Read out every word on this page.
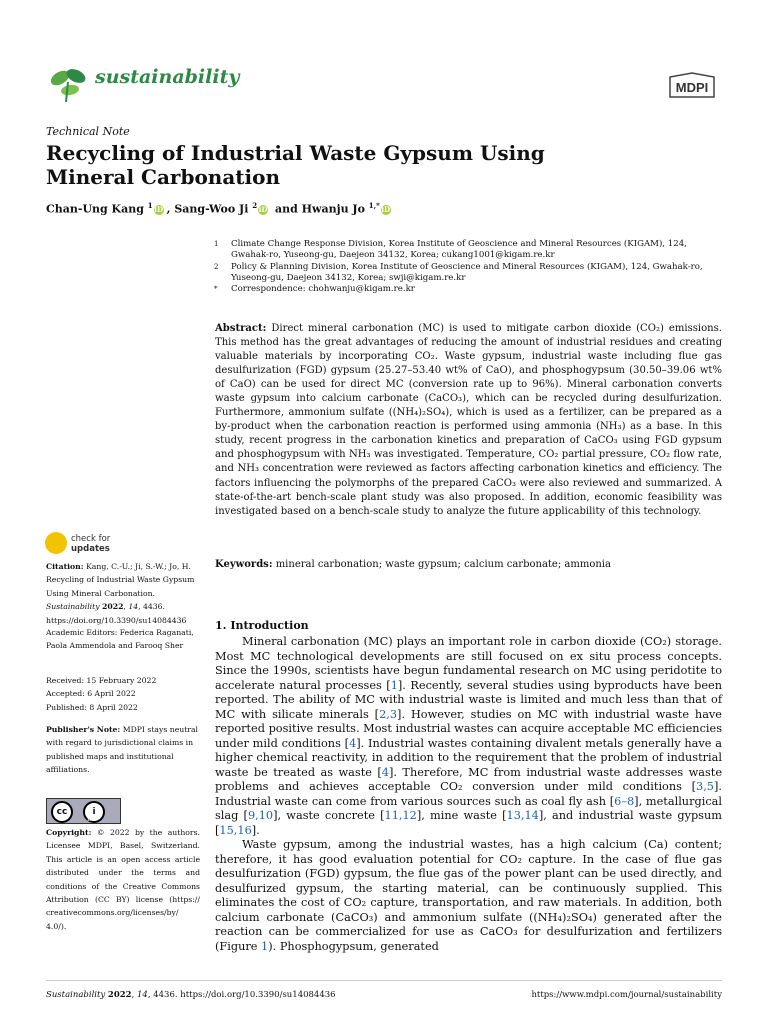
sustainability	MDPI
Technical Note
Recycling of Industrial Waste Gypsum Using Mineral Carbonation
Chan-Ung Kang $^1$ iD , Sang-Woo Ji $^2$ iD and Hwanju Jo $^{1,*}$ iD
1	Climate Change Response Division, Korea Institute of Geoscience and Mineral Resources (KIGAM), 124, Gwahak-ro, Yuseong-gu, Daejeon 34132, Korea; cukang1001@kigam.re.kr
2	Policy & Planning Division, Korea Institute of Geoscience and Mineral Resources (KIGAM), 124, Gwahak-ro, Yuseong-gu, Daejeon 34132, Korea; swji@kigam.re.kr
*	Correspondence: chohwanju@kigam.re.kr
Abstract: Direct mineral carbonation (MC) is used to mitigate carbon dioxide (CO₂) emissions. This method has the great advantages of reducing the amount of industrial residues and creating valuable materials by incorporating CO₂. Waste gypsum, industrial waste including flue gas desulfurization (FGD) gypsum (25.27–53.40 wt% of CaO), and phosphogypsum (30.50–39.06 wt% of CaO) can be used for direct MC (conversion rate up to 96%). Mineral carbonation converts waste gypsum into calcium carbonate (CaCO₃), which can be recycled during desulfurization. Furthermore, ammonium sulfate ((NH₄)₂SO₄), which is used as a fertilizer, can be prepared as a by-product when the carbonation reaction is performed using ammonia (NH₃) as a base. In this study, recent progress in the carbonation kinetics and preparation of CaCO₃ using FGD gypsum and phosphogypsum with NH₃ was investigated. Temperature, CO₂ partial pressure, CO₂ flow rate, and NH₃ concentration were reviewed as factors affecting carbonation kinetics and efficiency. The factors influencing the polymorphs of the prepared CaCO₃ were also reviewed and summarized. A state-of-the-art bench-scale plant study was also proposed. In addition, economic feasibility was investigated based on a bench-scale study to analyze the future applicability of this technology.
Keywords: mineral carbonation; waste gypsum; calcium carbonate; ammonia
1. Introduction

Mineral carbonation (MC) plays an important role in carbon dioxide (CO₂) storage. Most MC technological developments are still focused on ex situ process concepts. Since the 1990s, scientists have begun fundamental research on MC using peridotite to accelerate natural processes [1]. Recently, several studies using byproducts have been reported. The ability of MC with industrial waste is limited and much less than that of MC with silicate minerals [2,3]. However, studies on MC with industrial waste have reported positive results. Most industrial wastes can acquire acceptable MC efficiencies under mild conditions [4]. Industrial wastes containing divalent metals generally have a higher chemical reactivity, in addition to the requirement that the problem of industrial waste be treated as waste [4]. Therefore, MC from industrial waste addresses waste problems and achieves acceptable CO₂ conversion under mild conditions [3,5]. Industrial waste can come from various sources such as coal fly ash [6–8], metallurgical slag [9,10], waste concrete [11,12], mine waste [13,14], and industrial waste gypsum [15,16].

Waste gypsum, among the industrial wastes, has a high calcium (Ca) content; therefore, it has good evaluation potential for CO₂ capture. In the case of flue gas desulfurization (FGD) gypsum, the flue gas of the power plant can be used directly, and desulfurized gypsum, the starting material, can be continuously supplied. This eliminates the cost of CO₂ capture, transportation, and raw materials. In addition, both calcium carbonate (CaCO₃) and ammonium sulfate ((NH₄)₂SO₄) generated after the reaction can be commercialized for use as CaCO₃ for desulfurization and fertilizers (Figure 1). Phosphogypsum, generated

check for
updates
Citation: Kang, C.-U.; Ji, S.-W.; Jo, H. Recycling of Industrial Waste Gypsum Using Mineral Carbonation. Sustainability 2022, 14, 4436. https://doi.org/10.3390/su14084436
Academic Editors: Federica Raganati, Paola Ammendola and Farooq Sher
Received: 15 February 2022
Accepted: 6 April 2022
Published: 8 April 2022
Publisher's Note: MDPI stays neutral with regard to jurisdictional claims in published maps and institutional affiliations.
cc	i
BY
Copyright: © 2022 by the authors. Licensee MDPI, Basel, Switzerland. This article is an open access article distributed under the terms and conditions of the Creative Commons Attribution (CC BY) license (https:// creativecommons.org/licenses/by/ 4.0/).
Sustainability 2022, 14, 4436. https://doi.org/10.3390/su14084436	https://www.mdpi.com/journal/sustainability
